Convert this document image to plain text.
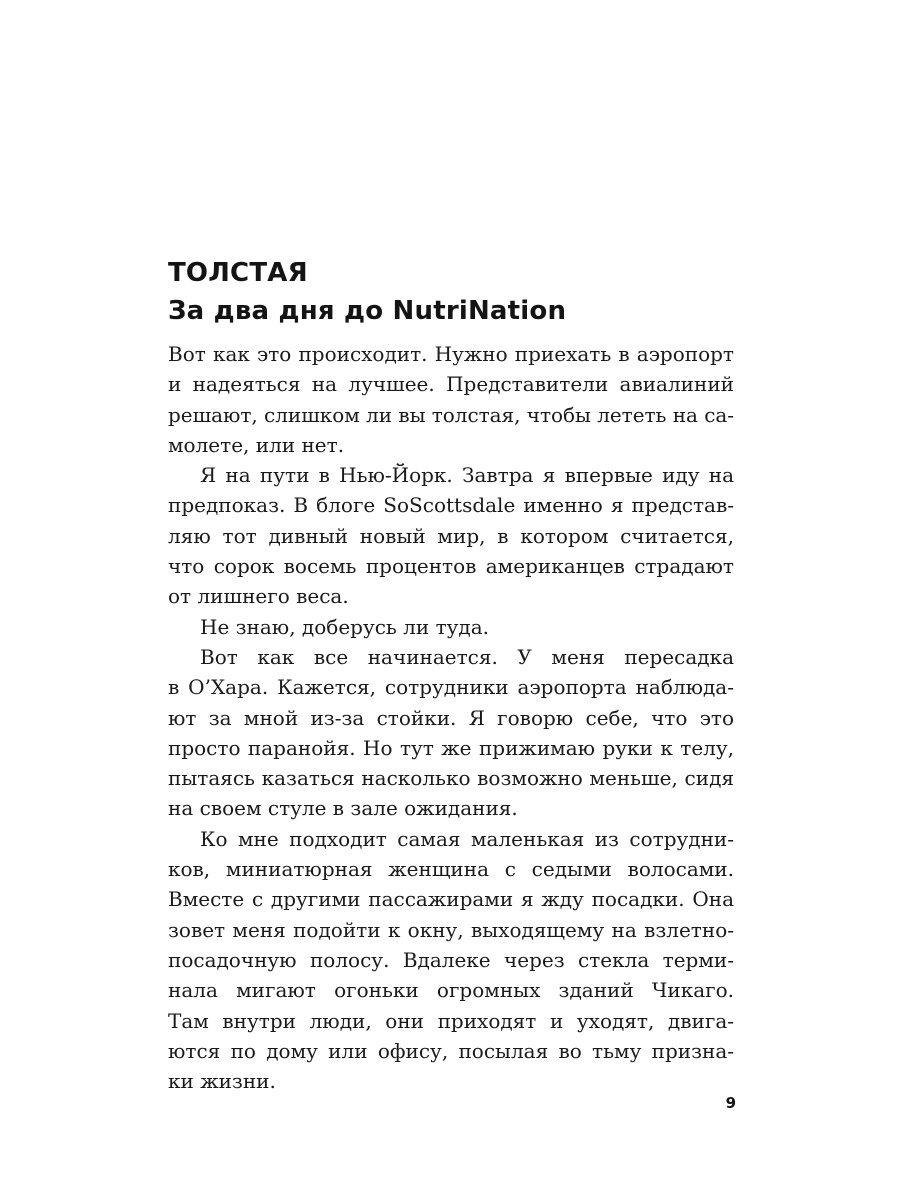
ТОЛСТАЯ
За два дня до NutriNation
Вот как это происходит. Нужно приехать в аэропорт
и надеяться на лучшее. Представители авиалиний
решают, слишком ли вы толстая, чтобы лететь на са-
молете, или нет.
Я на пути в Нью-Йорк. Завтра я впервые иду на
предпоказ. В блоге SoScottsdale именно я представ-
ляю тот дивный новый мир, в котором считается,
что сорок восемь процентов американцев страдают
от лишнего веса.
Не знаю, доберусь ли туда.
Вот как все начинается. У меня пересадка
в О’Хара. Кажется, сотрудники аэропорта наблюда-
ют за мной из-за стойки. Я говорю себе, что это
просто паранойя. Но тут же прижимаю руки к телу,
пытаясь казаться насколько возможно меньше, сидя
на своем стуле в зале ожидания.
Ко мне подходит самая маленькая из сотрудни-
ков, миниатюрная женщина с седыми волосами.
Вместе с другими пассажирами я жду посадки. Она
зовет меня подойти к окну, выходящему на взлетно-
посадочную полосу. Вдалеке через стекла терми-
нала мигают огоньки огромных зданий Чикаго.
Там внутри люди, они приходят и уходят, двига-
ются по дому или офису, посылая во тьму призна-
ки жизни.
9
